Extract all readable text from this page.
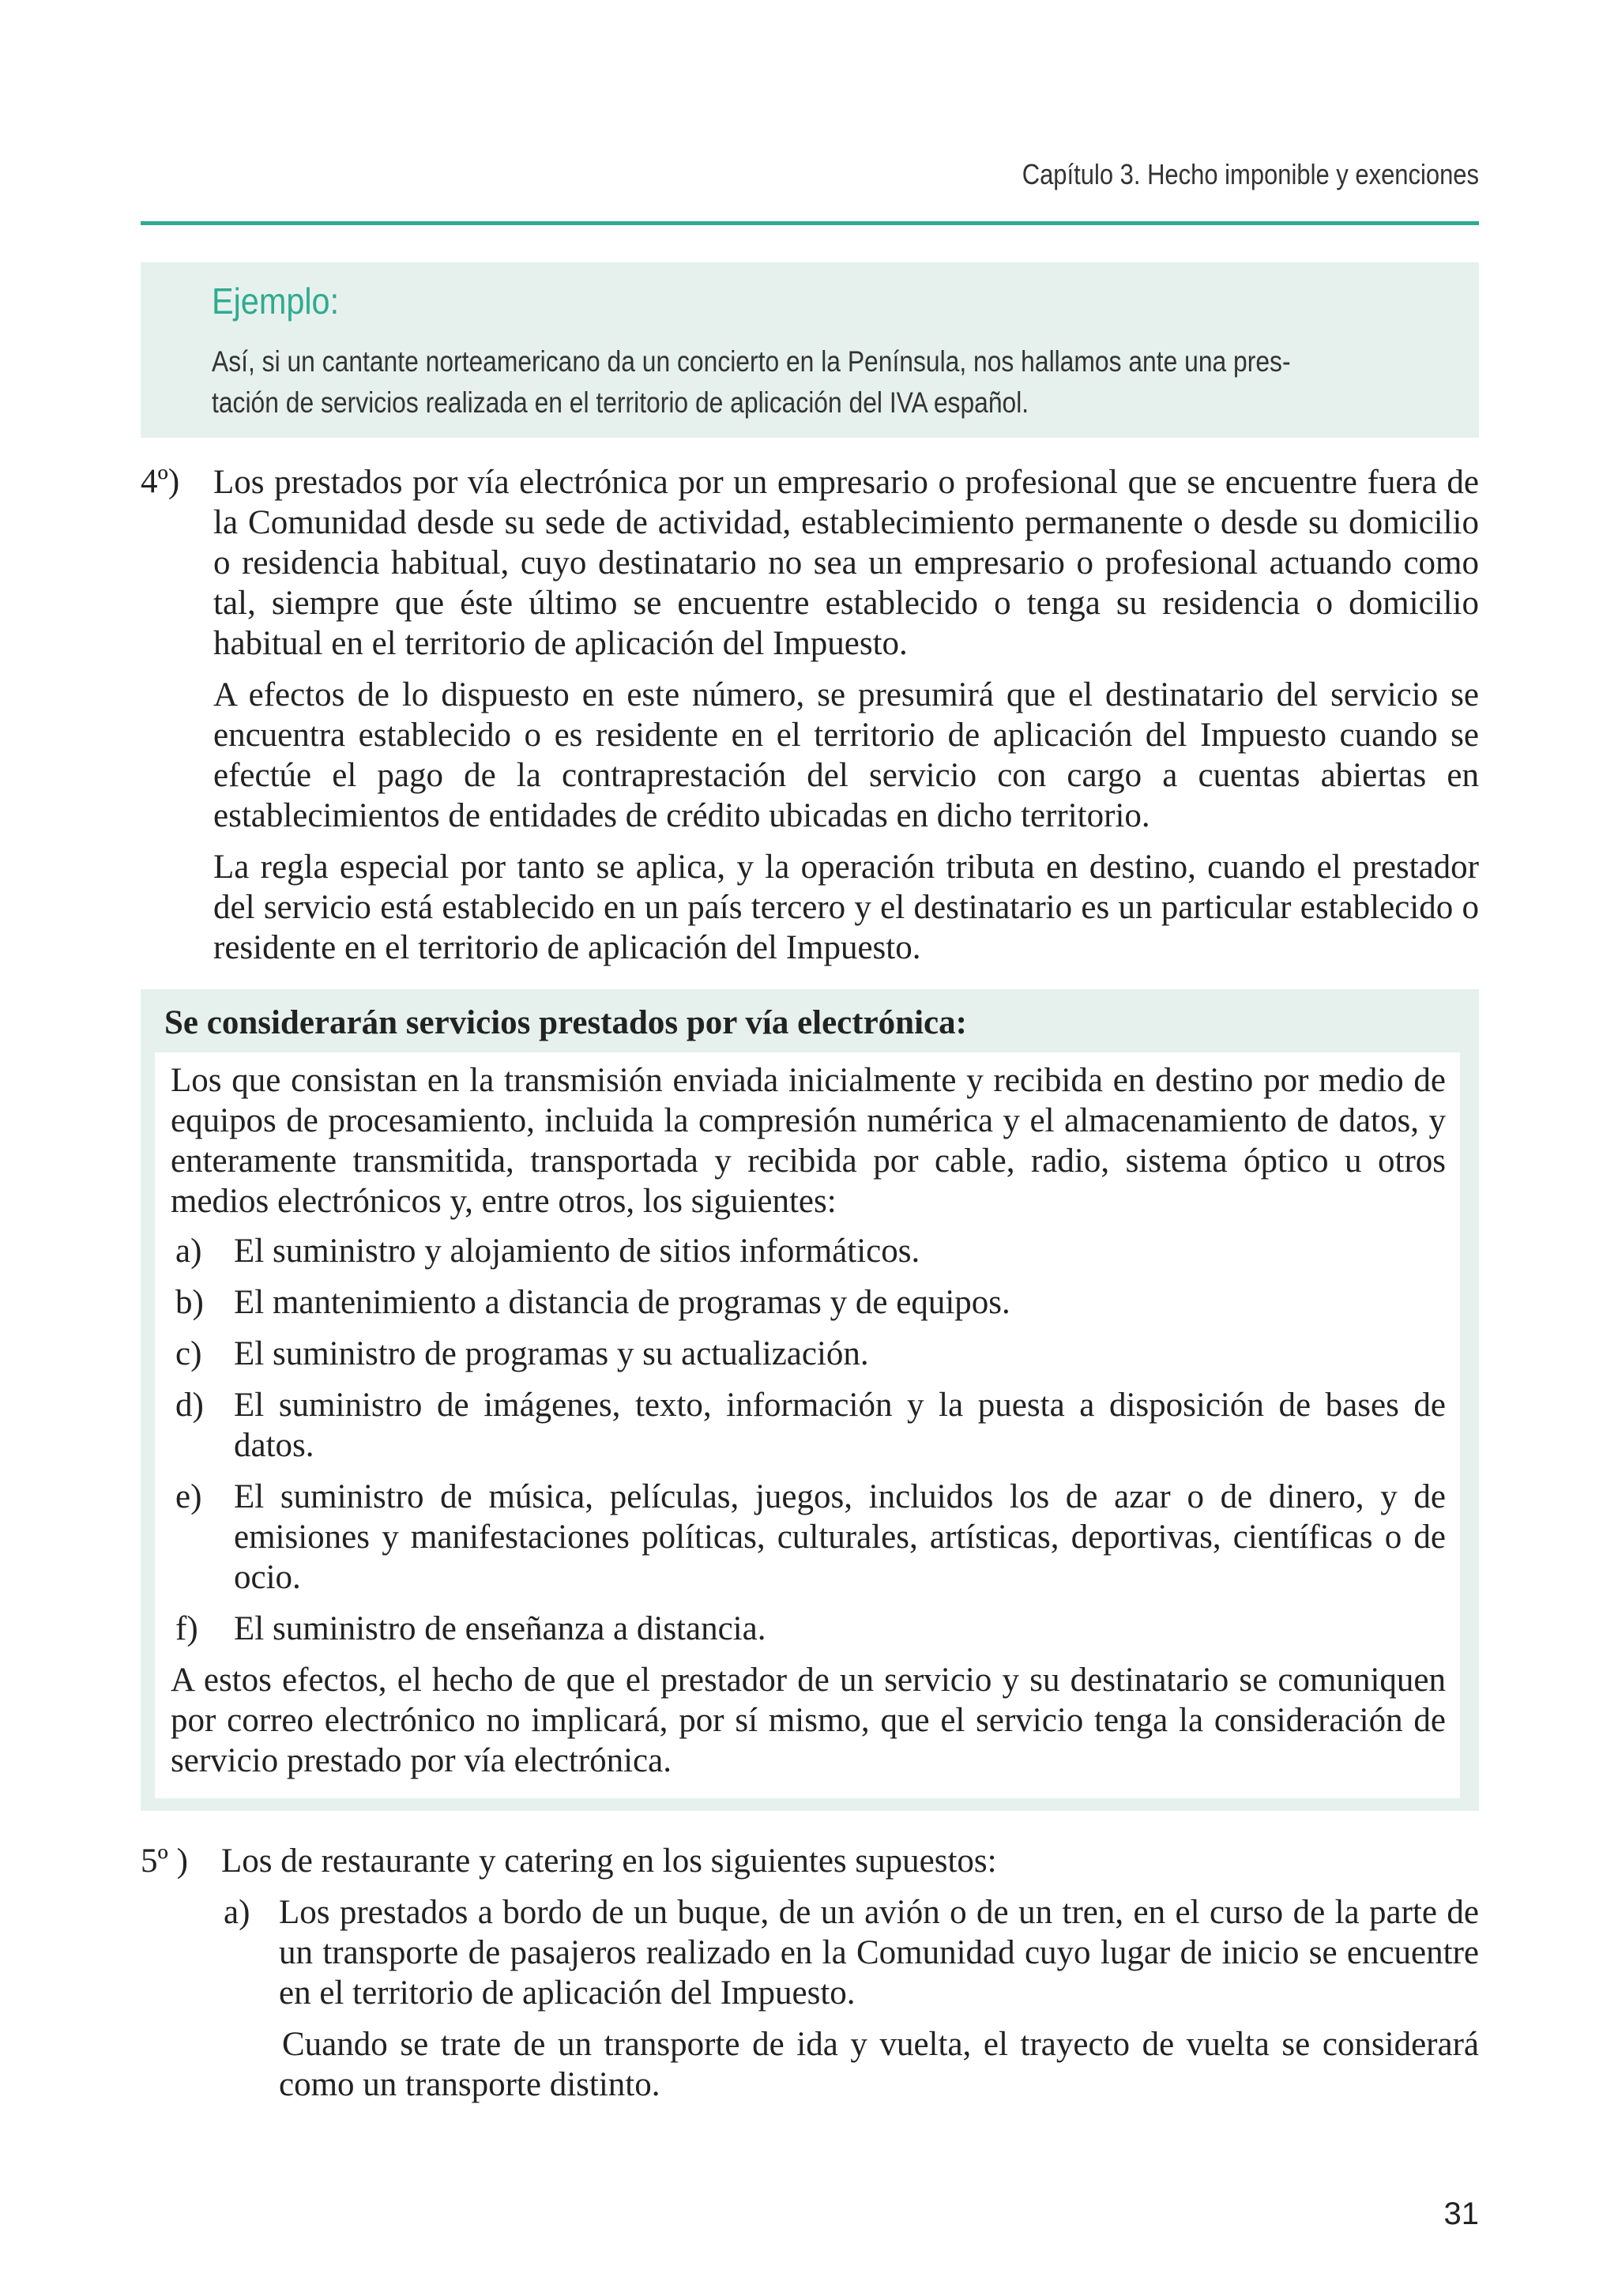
Capítulo 3. Hecho imponible y exenciones
Ejemplo:
Así, si un cantante norteamericano da un concierto en la Península, nos hallamos ante una pres-
tación de servicios realizada en el territorio de aplicación del IVA español.
4º) Los prestados por vía electrónica por un empresario o profesional que se encuentre fuera de la Comunidad desde su sede de actividad, establecimiento permanente o desde su domicilio o residencia habitual, cuyo destinatario no sea un empresario o profesional actuando como tal, siempre que éste último se encuentre establecido o tenga su residencia o domicilio habitual en el territorio de aplicación del Impuesto.

A efectos de lo dispuesto en este número, se presumirá que el destinatario del servicio se encuentra establecido o es residente en el territorio de aplicación del Impuesto cuando se efectúe el pago de la contraprestación del servicio con cargo a cuentas abiertas en establecimientos de entidades de crédito ubicadas en dicho territorio.

La regla especial por tanto se aplica, y la operación tributa en destino, cuando el prestador del servicio está establecido en un país tercero y el destinatario es un particular establecido o residente en el territorio de aplicación del Impuesto.

Se considerarán servicios prestados por vía electrónica:

Los que consistan en la transmisión enviada inicialmente y recibida en destino por medio de equipos de procesamiento, incluida la compresión numérica y el almacenamiento de datos, y enteramente transmitida, transportada y recibida por cable, radio, sistema óptico u otros medios electrónicos y, entre otros, los siguientes:

a) El suministro y alojamiento de sitios informáticos.
b) El mantenimiento a distancia de programas y de equipos.
c) El suministro de programas y su actualización.
d) El suministro de imágenes, texto, información y la puesta a disposición de bases de datos.
e) El suministro de música, películas, juegos, incluidos los de azar o de dinero, y de emisiones y manifestaciones políticas, culturales, artísticas, deportivas, científicas o de ocio.
f) El suministro de enseñanza a distancia.

A estos efectos, el hecho de que el prestador de un servicio y su destinatario se comuniquen por correo electrónico no implicará, por sí mismo, que el servicio tenga la consideración de servicio prestado por vía electrónica.

5º ) Los de restaurante y catering en los siguientes supuestos:

a) Los prestados a bordo de un buque, de un avión o de un tren, en el curso de la parte de un transporte de pasajeros realizado en la Comunidad cuyo lugar de inicio se encuentre en el territorio de aplicación del Impuesto.

Cuando se trate de un transporte de ida y vuelta, el trayecto de vuelta se considerará como un transporte distinto.

31
